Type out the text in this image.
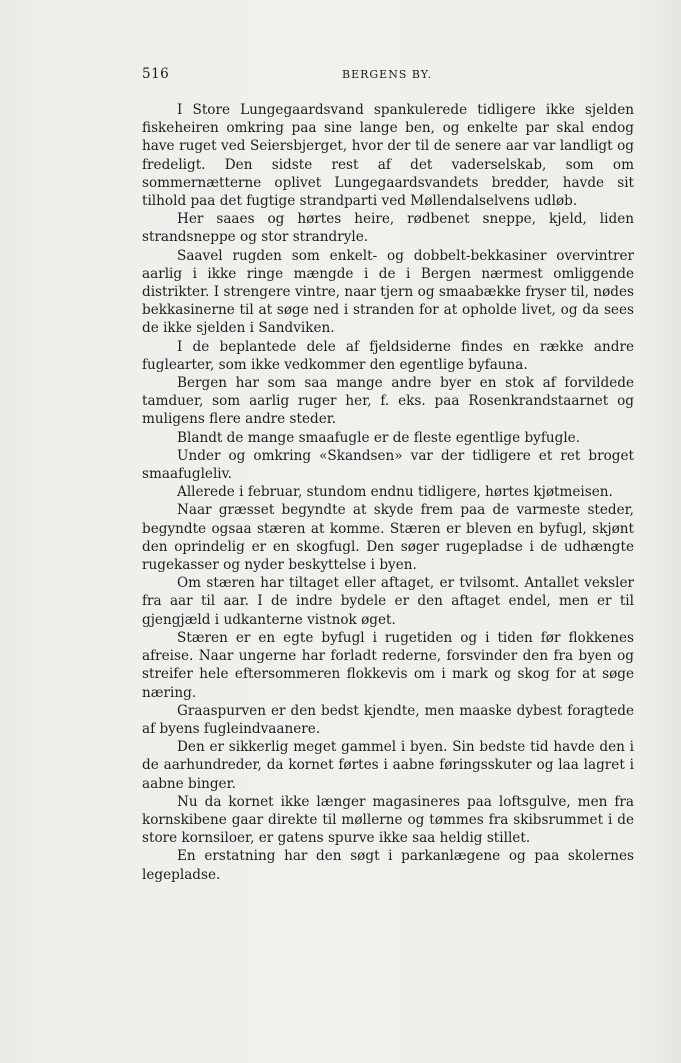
516	BERGENS BY.

I Store Lungegaardsvand spankulerede tidligere ikke sjelden fiskeheiren omkring paa sine lange ben, og enkelte par skal endog have ruget ved Seiersbjerget, hvor der til de senere aar var landligt og fredeligt. Den sidste rest af det vaderselskab, som om sommernætterne oplivet Lungegaardsvandets bredder, havde sit tilhold paa det fugtige strandparti ved Møllendalselvens udløb.

Her saaes og hørtes heire, rødbenet sneppe, kjeld, liden strandsneppe og stor strandryle.

Saavel rugden som enkelt- og dobbelt-bekkasiner overvintrer aarlig i ikke ringe mængde i de i Bergen nærmest omliggende distrikter. I strengere vintre, naar tjern og smaabække fryser til, nødes bekkasinerne til at søge ned i stranden for at opholde livet, og da sees de ikke sjelden i Sandviken.

I de beplantede dele af fjeldsiderne findes en række andre fuglearter, som ikke vedkommer den egentlige byfauna.

Bergen har som saa mange andre byer en stok af forvildede tamduer, som aarlig ruger her, f. eks. paa Rosenkrandstaarnet og muligens flere andre steder.

Blandt de mange smaafugle er de fleste egentlige byfugle.

Under og omkring «Skandsen» var der tidligere et ret broget smaafugleliv.

Allerede i februar, stundom endnu tidligere, hørtes kjøtmeisen.

Naar græsset begyndte at skyde frem paa de varmeste steder, begyndte ogsaa stæren at komme. Stæren er bleven en byfugl, skjønt den oprindelig er en skogfugl. Den søger rugepladse i de udhængte rugekasser og nyder beskyttelse i byen.

Om stæren har tiltaget eller aftaget, er tvilsomt. Antallet veksler fra aar til aar. I de indre bydele er den aftaget endel, men er til gjengjæld i udkanterne vistnok øget.

Stæren er en egte byfugl i rugetiden og i tiden før flokkenes afreise. Naar ungerne har forladt rederne, forsvinder den fra byen og streifer hele eftersommeren flokkevis om i mark og skog for at søge næring.

Graaspurven er den bedst kjendte, men maaske dybest foragtede af byens fugleindvaanere.

Den er sikkerlig meget gammel i byen. Sin bedste tid havde den i de aarhundreder, da kornet førtes i aabne føringsskuter og laa lagret i aabne binger.

Nu da kornet ikke længer magasineres paa loftsgulve, men fra kornskibene gaar direkte til møllerne og tømmes fra skibsrummet i de store kornsiloer, er gatens spurve ikke saa heldig stillet.

En erstatning har den søgt i parkanlægene og paa skolernes legepladse.
